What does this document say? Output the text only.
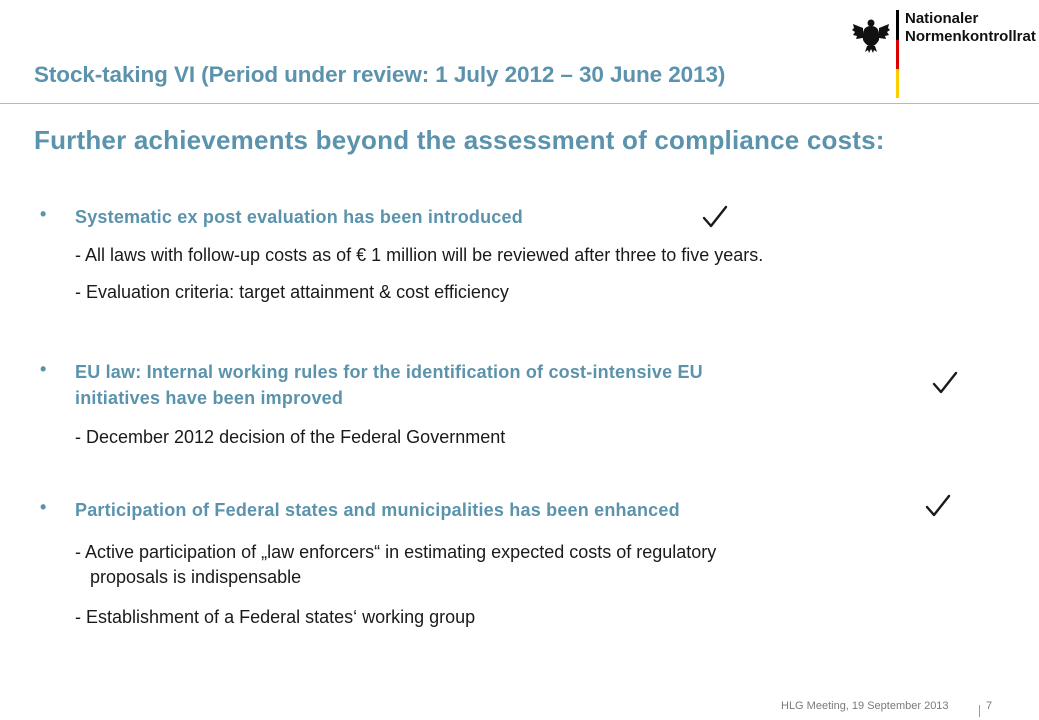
Stock-taking VI (Period under review: 1 July 2012 – 30 June 2013)
Nationaler
Normenkontrollrat
Further achievements beyond the assessment of compliance costs:
• Systematic ex post evaluation has been introduced
- All laws with follow-up costs as of € 1 million will be reviewed after three to five years.
- Evaluation criteria: target attainment & cost efficiency
• EU law: Internal working rules for the identification of cost-intensive EU
initiatives have been improved
- December 2012 decision of the Federal Government
• Participation of Federal states and municipalities has been enhanced
- Active participation of „law enforcers“ in estimating expected costs of regulatory
proposals is indispensable
- Establishment of a Federal states‘ working group
HLG Meeting, 19 September 2013	7
